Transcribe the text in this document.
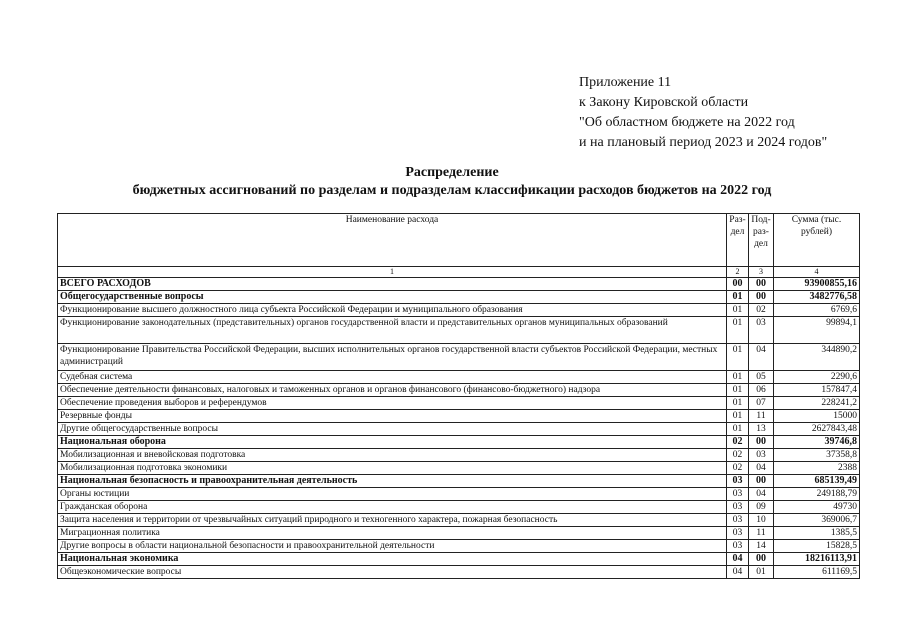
Приложение 11
к Закону Кировской области
"Об областном бюджете на 2022 год
и на плановый период 2023 и 2024 годов"
Распределение
бюджетных ассигнований по разделам и подразделам классификации расходов бюджетов на 2022 год
Наименование расхода	Раз-дел	Под-раз-дел	Сумма (тыс. рублей)
1	2	3	4
ВСЕГО РАСХОДОВ	00	00	93900855,16
Общегосударственные вопросы	01	00	3482776,58
Функционирование высшего должностного лица субъекта Российской Федерации и муниципального образования	01	02	6769,6
Функционирование законодательных (представительных) органов государственной власти и представительных органов муниципальных образований	01	03	99894,1
Функционирование Правительства Российской Федерации, высших исполнительных органов государственной власти субъектов Российской Федерации, местных администраций	01	04	344890,2
Судебная система	01	05	2290,6
Обеспечение деятельности финансовых, налоговых и таможенных органов и органов финансового (финансово-бюджетного) надзора	01	06	157847,4
Обеспечение проведения выборов и референдумов	01	07	228241,2
Резервные фонды	01	11	15000
Другие общегосударственные вопросы	01	13	2627843,48
Национальная оборона	02	00	39746,8
Мобилизационная и вневойсковая подготовка	02	03	37358,8
Мобилизационная подготовка экономики	02	04	2388
Национальная безопасность и правоохранительная деятельность	03	00	685139,49
Органы юстиции	03	04	249188,79
Гражданская оборона	03	09	49730
Защита населения и территории от чрезвычайных ситуаций природного и техногенного характера, пожарная безопасность	03	10	369006,7
Миграционная политика	03	11	1385,5
Другие вопросы в области национальной безопасности и правоохранительной деятельности	03	14	15828,5
Национальная экономика	04	00	18216113,91
Общеэкономические вопросы	04	01	611169,5
